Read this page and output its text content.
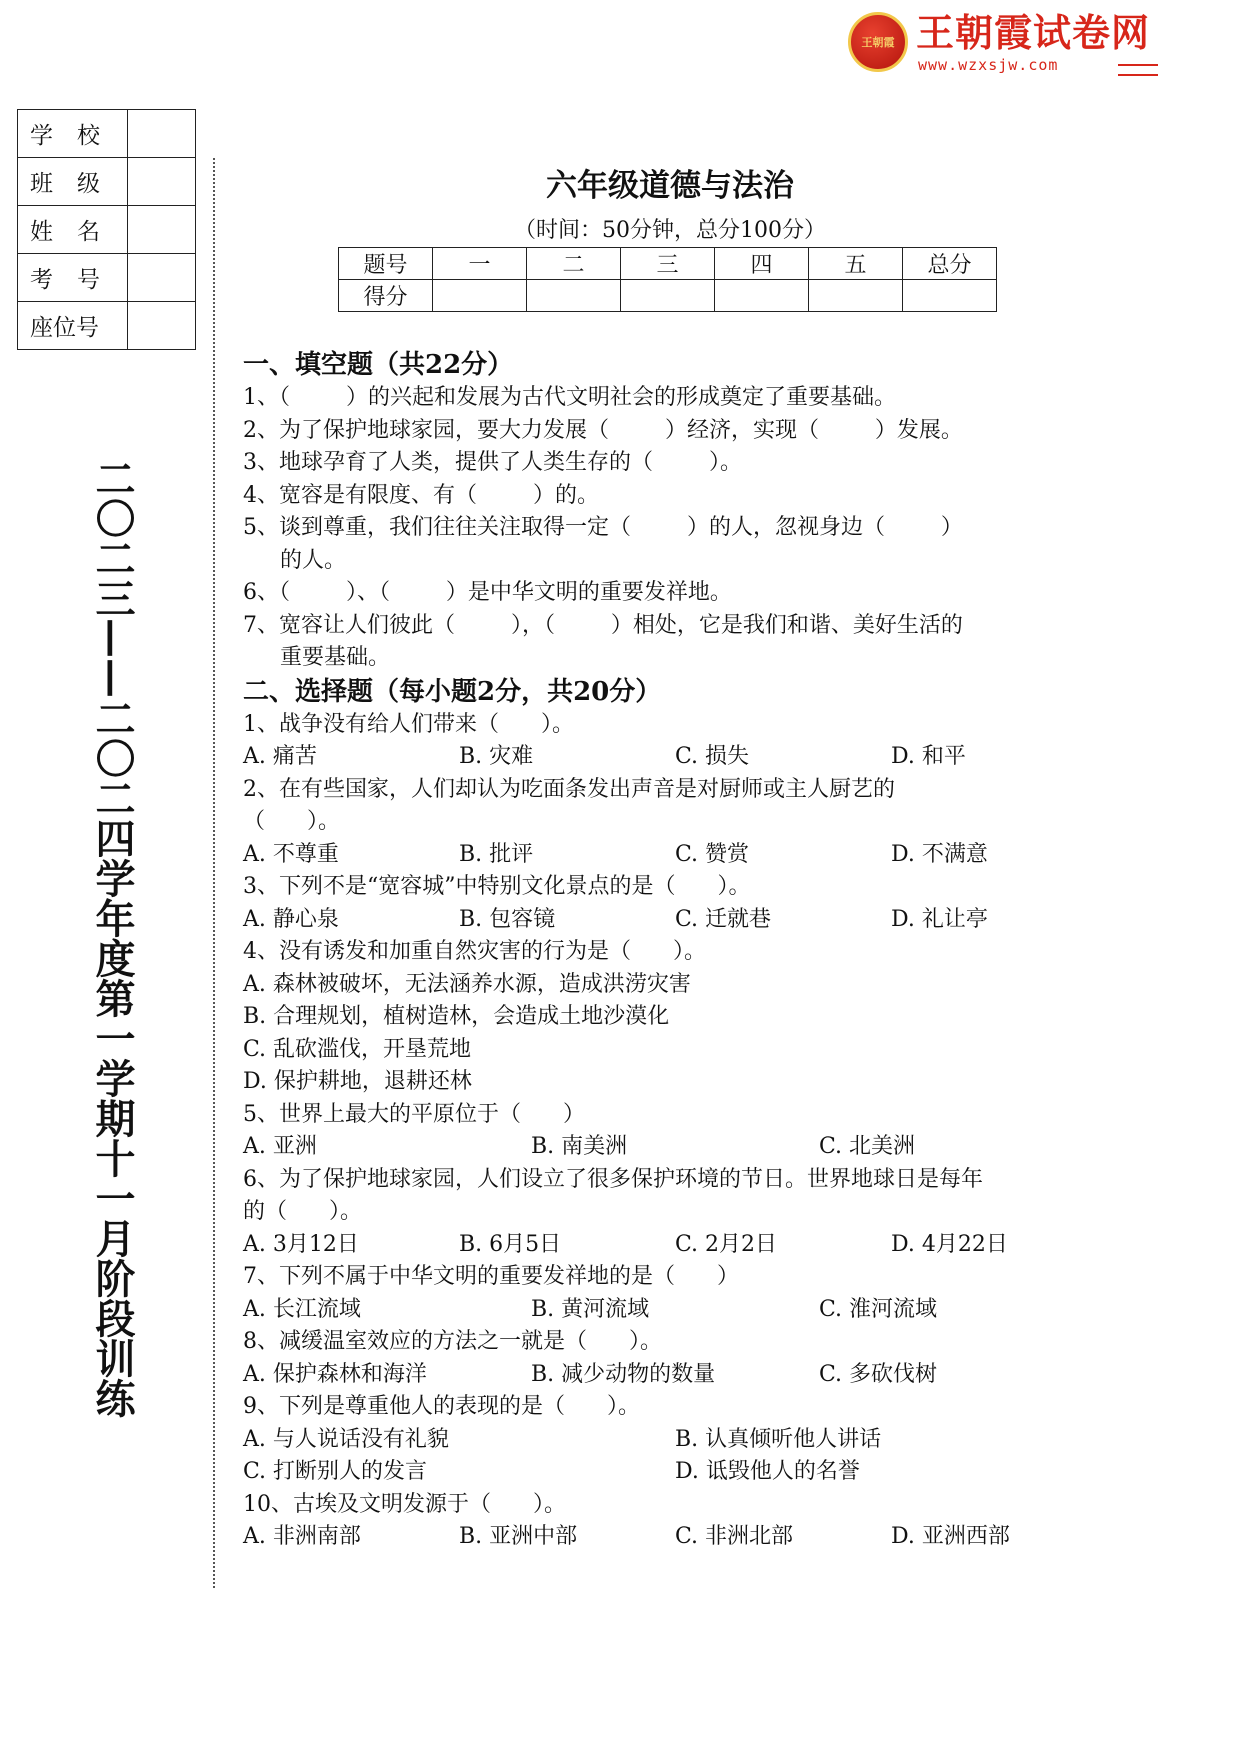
王朝霞 王朝霞试卷网
www.wzxsjw.com
学 校	

班 级	

姓 名	

考 号	

座位号	
二〇二三——二〇二四学年度第一学期十一月阶段训练
六年级道德与法治
（时间：50分钟，总分100分）
题号	一	二	三	四	五	总分
得分						
一、填空题（共22分）
1、（        ）的兴起和发展为古代文明社会的形成奠定了重要基础。
2、为了保护地球家园，要大力发展（        ）经济，实现（        ）发展。
3、地球孕育了人类，提供了人类生存的（        ）。
4、宽容是有限度、有（        ）的。
5、谈到尊重，我们往往关注取得一定（        ）的人，忽视身边（        ）
的人。
6、（        ）、（        ）是中华文明的重要发祥地。
7、宽容让人们彼此（        ），（        ）相处，它是我们和谐、美好生活的
重要基础。
二、选择题（每小题2分，共20分）
1、战争没有给人们带来（      ）。
A. 痛苦	B. 灾难	C. 损失	D. 和平
2、在有些国家，人们却认为吃面条发出声音是对厨师或主人厨艺的
（      ）。
A. 不尊重	B. 批评	C. 赞赏	D. 不满意
3、下列不是“宽容城”中特别文化景点的是（      ）。
A. 静心泉	B. 包容镜	C. 迁就巷	D. 礼让亭
4、没有诱发和加重自然灾害的行为是（      ）。
A. 森林被破坏，无法涵养水源，造成洪涝灾害
B. 合理规划，植树造林，会造成土地沙漠化
C. 乱砍滥伐，开垦荒地
D. 保护耕地，退耕还林
5、世界上最大的平原位于（      ）
A. 亚洲	B. 南美洲	C. 北美洲
6、为了保护地球家园，人们设立了很多保护环境的节日。世界地球日是每年
的（      ）。
A. 3月12日	B. 6月5日	C. 2月2日	D. 4月22日
7、下列不属于中华文明的重要发祥地的是（      ）
A. 长江流域	B. 黄河流域	C. 淮河流域
8、减缓温室效应的方法之一就是（      ）。
A. 保护森林和海洋	B. 减少动物的数量	C. 多砍伐树
9、下列是尊重他人的表现的是（      ）。
A. 与人说话没有礼貌	B. 认真倾听他人讲话
C. 打断别人的发言	D. 诋毁他人的名誉
10、古埃及文明发源于（      ）。
A. 非洲南部	B. 亚洲中部	C. 非洲北部	D. 亚洲西部
